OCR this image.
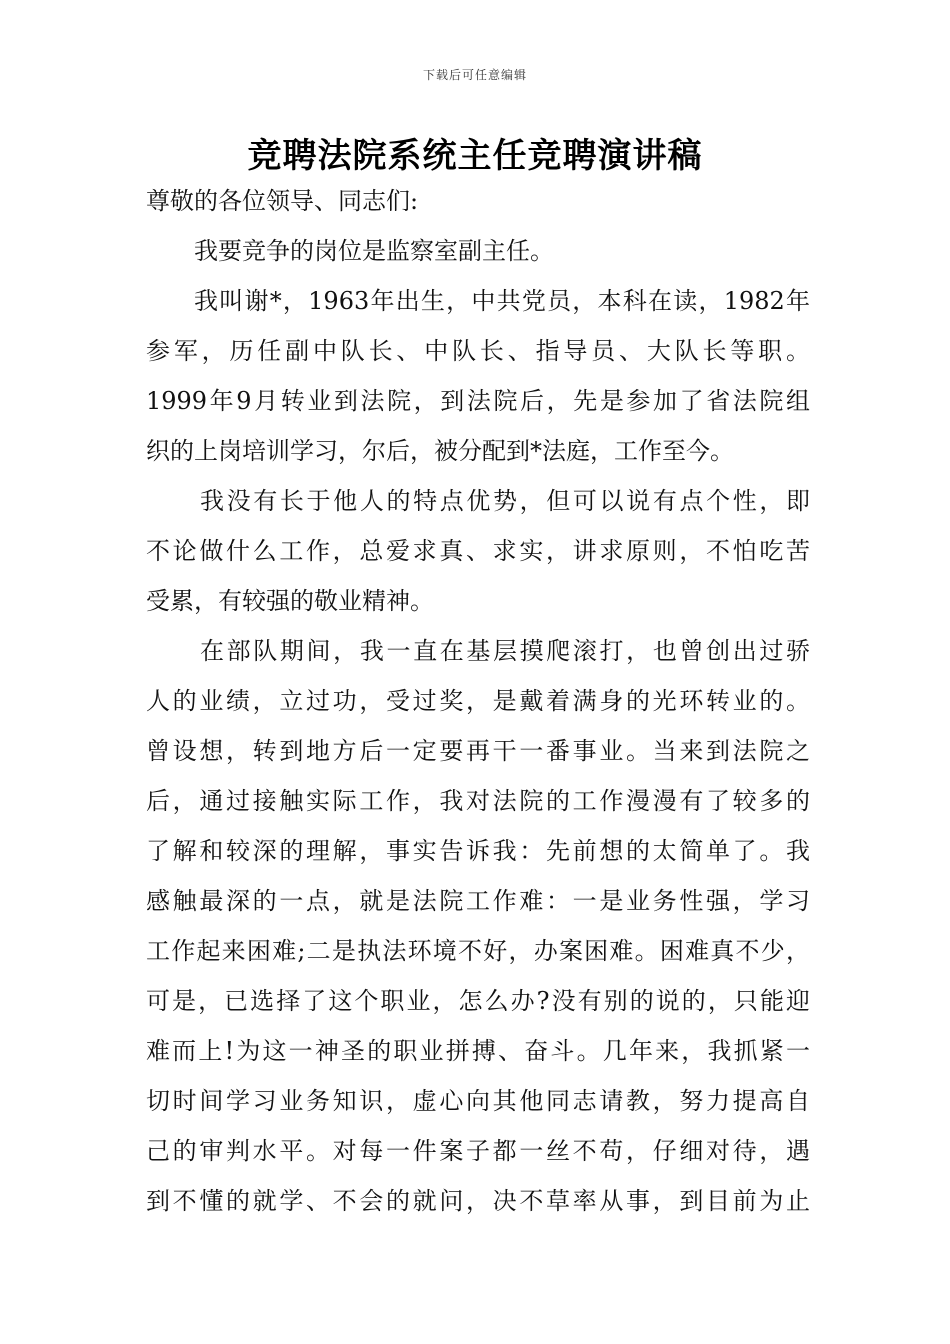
下载后可任意编辑
竞聘法院系统主任竞聘演讲稿
尊敬的各位领导、同志们:
我要竞争的岗位是监察室副主任。
我叫谢*，1963年出生，中共党员，本科在读，1982年
参军，历任副中队长、中队长、指导员、大队长等职。
1999年9月转业到法院，到法院后，先是参加了省法院组
织的上岗培训学习，尔后，被分配到*法庭，工作至今。
我没有长于他人的特点优势，但可以说有点个性，即
不论做什么工作，总爱求真、求实，讲求原则，不怕吃苦
受累，有较强的敬业精神。
在部队期间，我一直在基层摸爬滚打，也曾创出过骄
人的业绩，立过功，受过奖，是戴着满身的光环转业的。
曾设想，转到地方后一定要再干一番事业。当来到法院之
后，通过接触实际工作，我对法院的工作漫漫有了较多的
了解和较深的理解，事实告诉我：先前想的太简单了。我
感触最深的一点，就是法院工作难：一是业务性强，学习
工作起来困难;二是执法环境不好，办案困难。困难真不少，
可是，已选择了这个职业，怎么办?没有别的说的，只能迎
难而上!为这一神圣的职业拼搏、奋斗。几年来，我抓紧一
切时间学习业务知识，虚心向其他同志请教，努力提高自
己的审判水平。对每一件案子都一丝不苟，仔细对待，遇
到不懂的就学、不会的就问，决不草率从事，到目前为止
